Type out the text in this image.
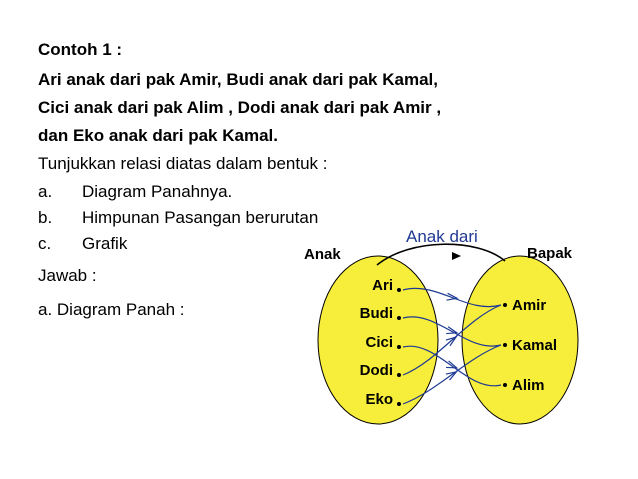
Contoh 1 :
Ari anak dari pak Amir, Budi anak dari pak Kamal,
Cici anak dari pak Alim , Dodi anak dari pak Amir ,
dan Eko anak dari pak Kamal.
Tunjukkan relasi diatas dalam bentuk :
a. Diagram Panahnya.
b. Himpunan Pasangan berurutan
c. Grafik
Jawab :
a. Diagram Panah :
Anak dari
Anak	Bapak
Ari
Budi
Cici
Dodi
Eko
Amir
Kamal
Alim
